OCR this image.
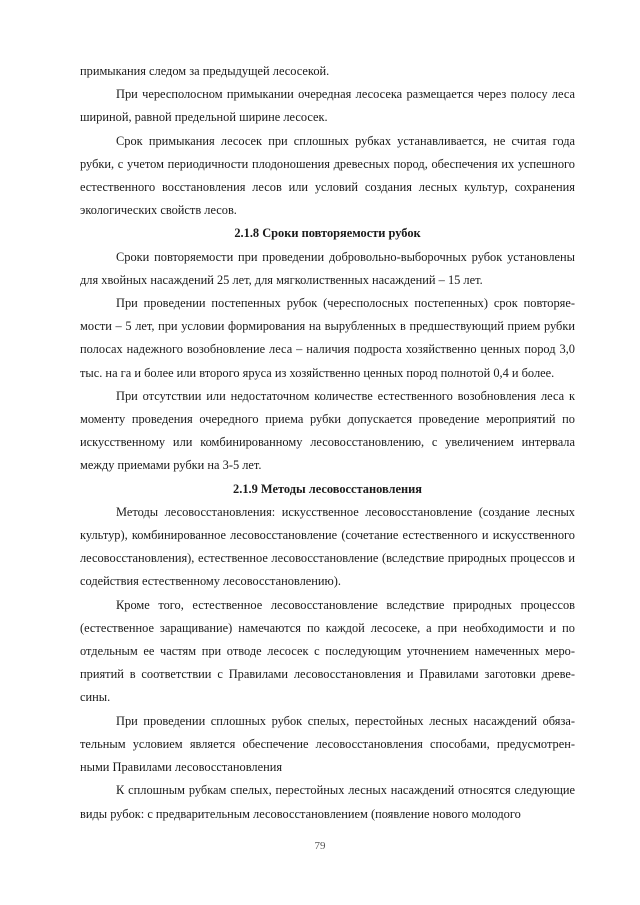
примыкания следом за предыдущей лесосекой.

При чересполосном примыкании очередная лесосека размещается через полосу леса шириной, равной предельной ширине лесосек.

Срок примыкания лесосек при сплошных рубках устанавливается, не считая года рубки, с учетом периодичности плодоношения древесных пород, обеспечения их успешного естественного восстановления лесов или условий создания лесных культур, сохранения экологических свойств лесов.

2.1.8 Сроки повторяемости рубок

Сроки повторяемости при проведении добровольно-выборочных рубок установлены для хвойных насаждений 25 лет, для мягколиственных насаждений – 15 лет.

При проведении постепенных рубок (чересполосных постепенных) срок повторяемости – 5 лет, при условии формирования на вырубленных в предшествующий прием рубки полосах надежного возобновление леса – наличия подроста хозяйственно ценных пород 3,0 тыс. на га и более или второго яруса из хозяйственно ценных пород полнотой 0,4 и более.

При отсутствии или недостаточном количестве естественного возобновления леса к моменту проведения очередного приема рубки допускается проведение мероприятий по искусственному или комбинированному лесовосстановлению, с увеличением интервала между приемами рубки на 3-5 лет.

2.1.9 Методы лесовосстановления

Методы лесовосстановления: искусственное лесовосстановление (создание лесных культур), комбинированное лесовосстановление (сочетание естественного и искусственного лесовосстановления), естественное лесовосстановление (вследствие природных процессов и содействия естественному лесовосстановлению).

Кроме того, естественное лесовосстановление вследствие природных процессов (естественное заращивание) намечаются по каждой лесосеке, а при необходимости и по отдельным ее частям при отводе лесосек с последующим уточнением намеченных мероприятий в соответствии с Правилами лесовосстановления и Правилами заготовки древесины.

При проведении сплошных рубок спелых, перестойных лесных насаждений обязательным условием является обеспечение лесовосстановления способами, предусмотренными Правилами лесовосстановления

К сплошным рубкам спелых, перестойных лесных насаждений относятся следующие виды рубок: с предварительным лесовосстановлением (появление нового молодого

79
